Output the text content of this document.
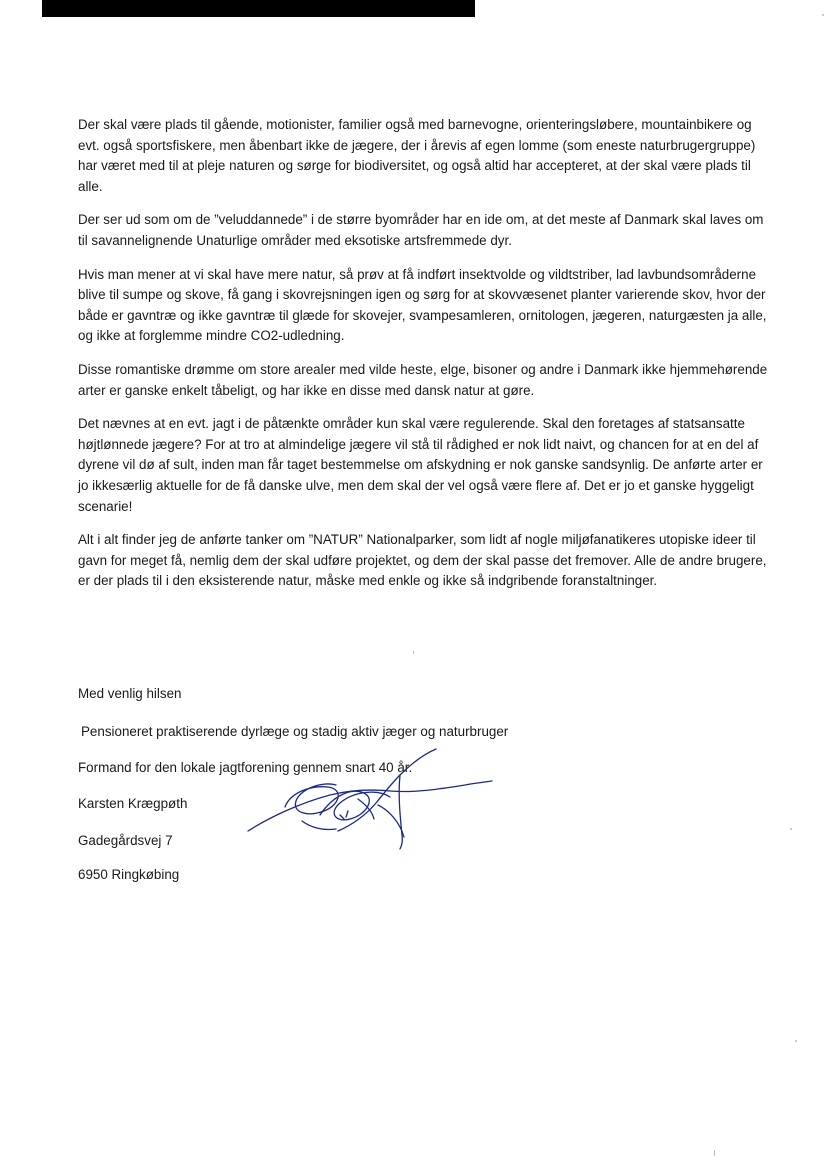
Der skal være plads til gående, motionister, familier også med barnevogne, orienteringsløbere, mountainbikere og evt. også sportsfiskere, men åbenbart ikke de jægere, der i årevis af egen lomme (som eneste naturbrugergruppe) har været med til at pleje naturen og sørge for biodiversitet, og også altid har accepteret, at der skal være plads til alle.

Der ser ud som om de ”veluddannede” i de større byområder har en ide om, at det meste af Danmark skal laves om til savannelignende Unaturlige områder med eksotiske artsfremmede dyr.

Hvis man mener at vi skal have mere natur, så prøv at få indført insektvolde og vildtstriber, lad lavbundsområderne blive til sumpe og skove, få gang i skovrejsningen igen og sørg for at skovvæsenet planter varierende skov, hvor der både er gavntræ og ikke gavntræ til glæde for skovejer, svampesamleren, ornitologen, jægeren, naturgæsten ja alle, og ikke at forglemme mindre CO2-udledning.

Disse romantiske drømme om store arealer med vilde heste, elge, bisoner og andre i Danmark ikke hjemmehørende arter er ganske enkelt tåbeligt, og har ikke en disse med dansk natur at gøre.

Det nævnes at en evt. jagt i de påtænkte områder kun skal være regulerende. Skal den foretages af statsansatte højtlønnede jægere? For at tro at almindelige jægere vil stå til rådighed er nok lidt naivt, og chancen for at en del af dyrene vil dø af sult, inden man får taget bestemmelse om afskydning er nok ganske sandsynlig. De anførte arter er jo ikkesærlig aktuelle for de få danske ulve, men dem skal der vel også være flere af. Det er jo et ganske hyggeligt scenarie!

Alt i alt finder jeg de anførte tanker om ”NATUR” Nationalparker, som lidt af nogle miljøfanatikeres utopiske ideer til gavn for meget få, nemlig dem der skal udføre projektet, og dem der skal passe det fremover. Alle de andre brugere, er der plads til i den eksisterende natur, måske med enkle og ikke så indgribende foranstaltninger.

Med venlig hilsen

Pensioneret praktiserende dyrlæge og stadig aktiv jæger og naturbruger

Formand for den lokale jagtforening gennem snart 40 år.

Karsten Krægpøth

Gadegårdsvej 7

6950 Ringkøbing
